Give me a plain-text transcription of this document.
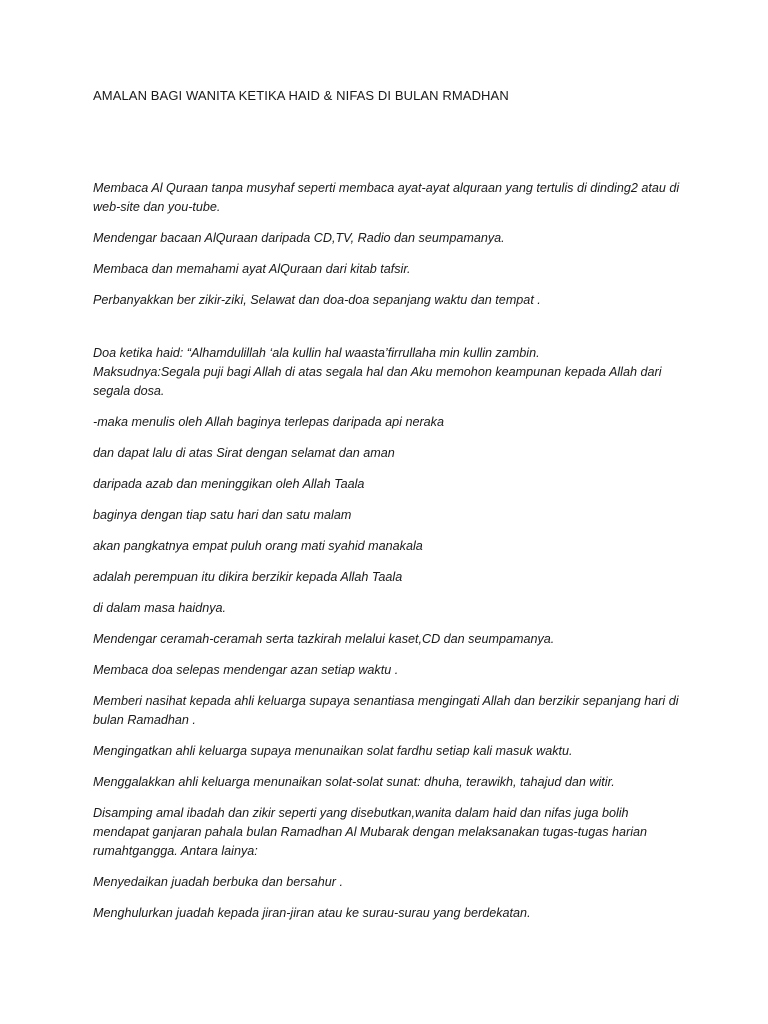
AMALAN BAGI WANITA KETIKA HAID & NIFAS DI BULAN RMADHAN

Membaca Al Quraan tanpa musyhaf seperti membaca ayat-ayat alquraan yang tertulis di dinding2 atau di web-site dan you-tube.

Mendengar bacaan AlQuraan daripada CD,TV, Radio dan seumpamanya.

Membaca dan memahami ayat AlQuraan dari kitab tafsir.

Perbanyakkan ber zikir-ziki, Selawat dan doa-doa sepanjang waktu dan tempat .

Doa ketika haid: “Alhamdulillah ‘ala kullin hal waasta’firrullaha min kullin zambin.

Maksudnya:Segala puji bagi Allah di atas segala hal dan Aku memohon keampunan kepada Allah dari segala dosa.

-maka menulis oleh Allah baginya terlepas daripada api neraka

dan dapat lalu di atas Sirat dengan selamat dan aman

daripada azab dan meninggikan oleh Allah Taala

baginya dengan tiap satu hari dan satu malam

akan pangkatnya empat puluh orang mati syahid manakala

adalah perempuan itu dikira berzikir kepada Allah Taala

di dalam masa haidnya.

Mendengar ceramah-ceramah serta tazkirah melalui kaset,CD dan seumpamanya.

Membaca doa selepas mendengar azan setiap waktu .

Memberi nasihat kepada ahli keluarga supaya senantiasa mengingati Allah dan berzikir sepanjang hari di bulan Ramadhan .

Mengingatkan ahli keluarga supaya menunaikan solat fardhu setiap kali masuk waktu.

Menggalakkan ahli keluarga menunaikan solat-solat sunat: dhuha, terawikh, tahajud dan witir.

Disamping amal ibadah dan zikir seperti yang disebutkan,wanita dalam haid dan nifas juga bolih mendapat ganjaran pahala bulan Ramadhan Al Mubarak dengan melaksanakan tugas-tugas harian rumahtgangga. Antara lainya:

Menyedaikan juadah berbuka dan bersahur .

Menghulurkan juadah kepada jiran-jiran atau ke surau-surau yang berdekatan.
